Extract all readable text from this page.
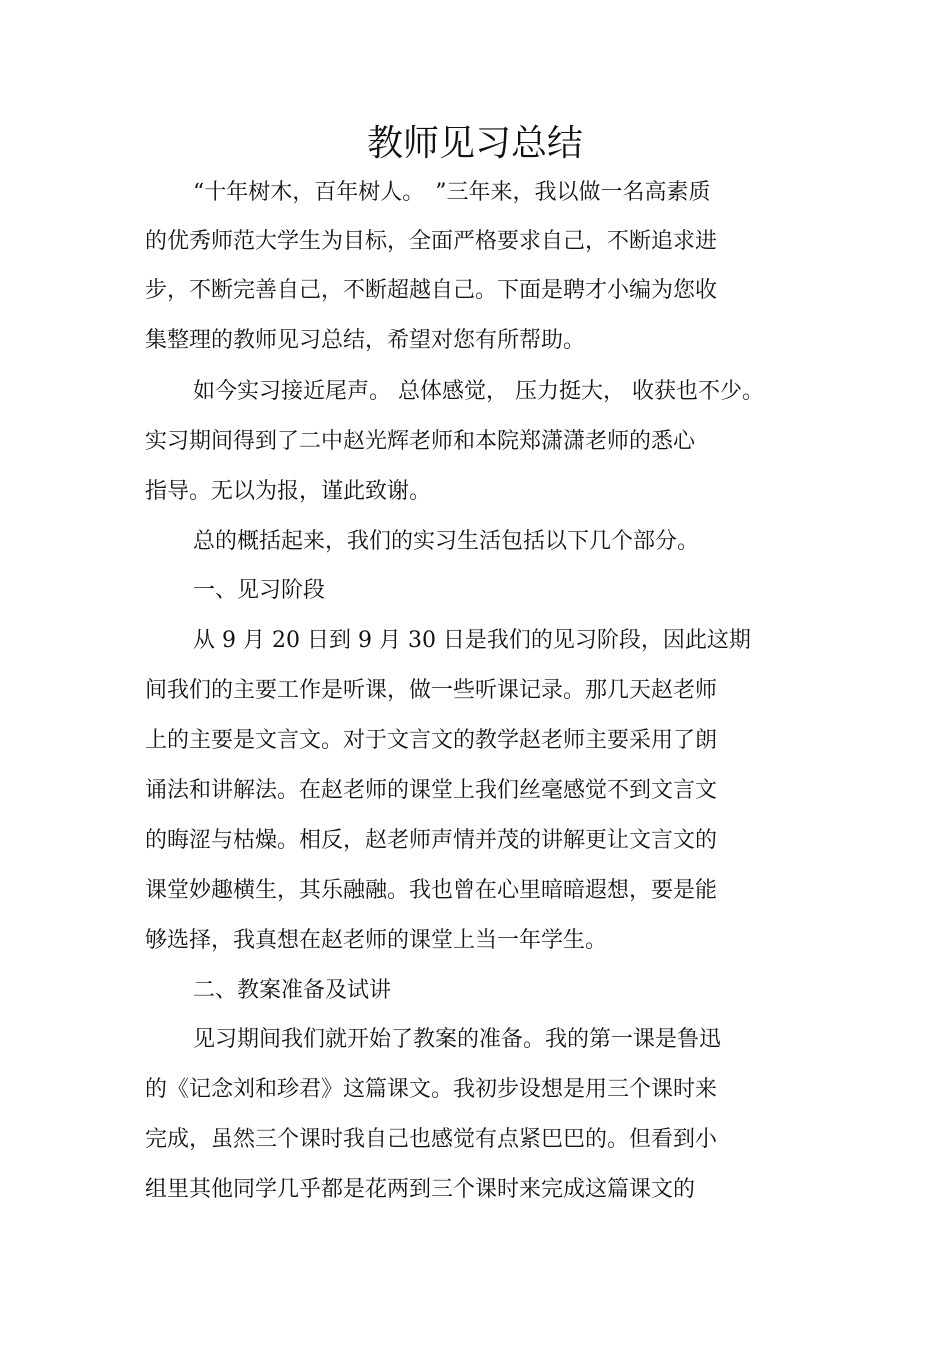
教师见习总结
“十年树木，百年树人。　”三年来，我以做一名高素质
的优秀师范大学生为目标，全面严格要求自己，不断追求进
步，不断完善自己，不断超越自己。下面是聘才小编为您收
集整理的教师见习总结，希望对您有所帮助。
如今实习接近尾声。 总体感觉， 压力挺大， 收获也不少。
实习期间得到了二中赵光辉老师和本院郑潇潇老师的悉心
指导。无以为报，谨此致谢。
总的概括起来，我们的实习生活包括以下几个部分。
一、见习阶段
从 9 月 20 日到 9 月 30 日是我们的见习阶段，因此这期
间我们的主要工作是听课，做一些听课记录。那几天赵老师
上的主要是文言文。对于文言文的教学赵老师主要采用了朗
诵法和讲解法。在赵老师的课堂上我们丝毫感觉不到文言文
的晦涩与枯燥。相反，赵老师声情并茂的讲解更让文言文的
课堂妙趣横生，其乐融融。我也曾在心里暗暗遐想，要是能
够选择，我真想在赵老师的课堂上当一年学生。
二、教案准备及试讲
见习期间我们就开始了教案的准备。我的第一课是鲁迅
的《记念刘和珍君》这篇课文。我初步设想是用三个课时来
完成，虽然三个课时我自己也感觉有点紧巴巴的。但看到小
组里其他同学几乎都是花两到三个课时来完成这篇课文的
